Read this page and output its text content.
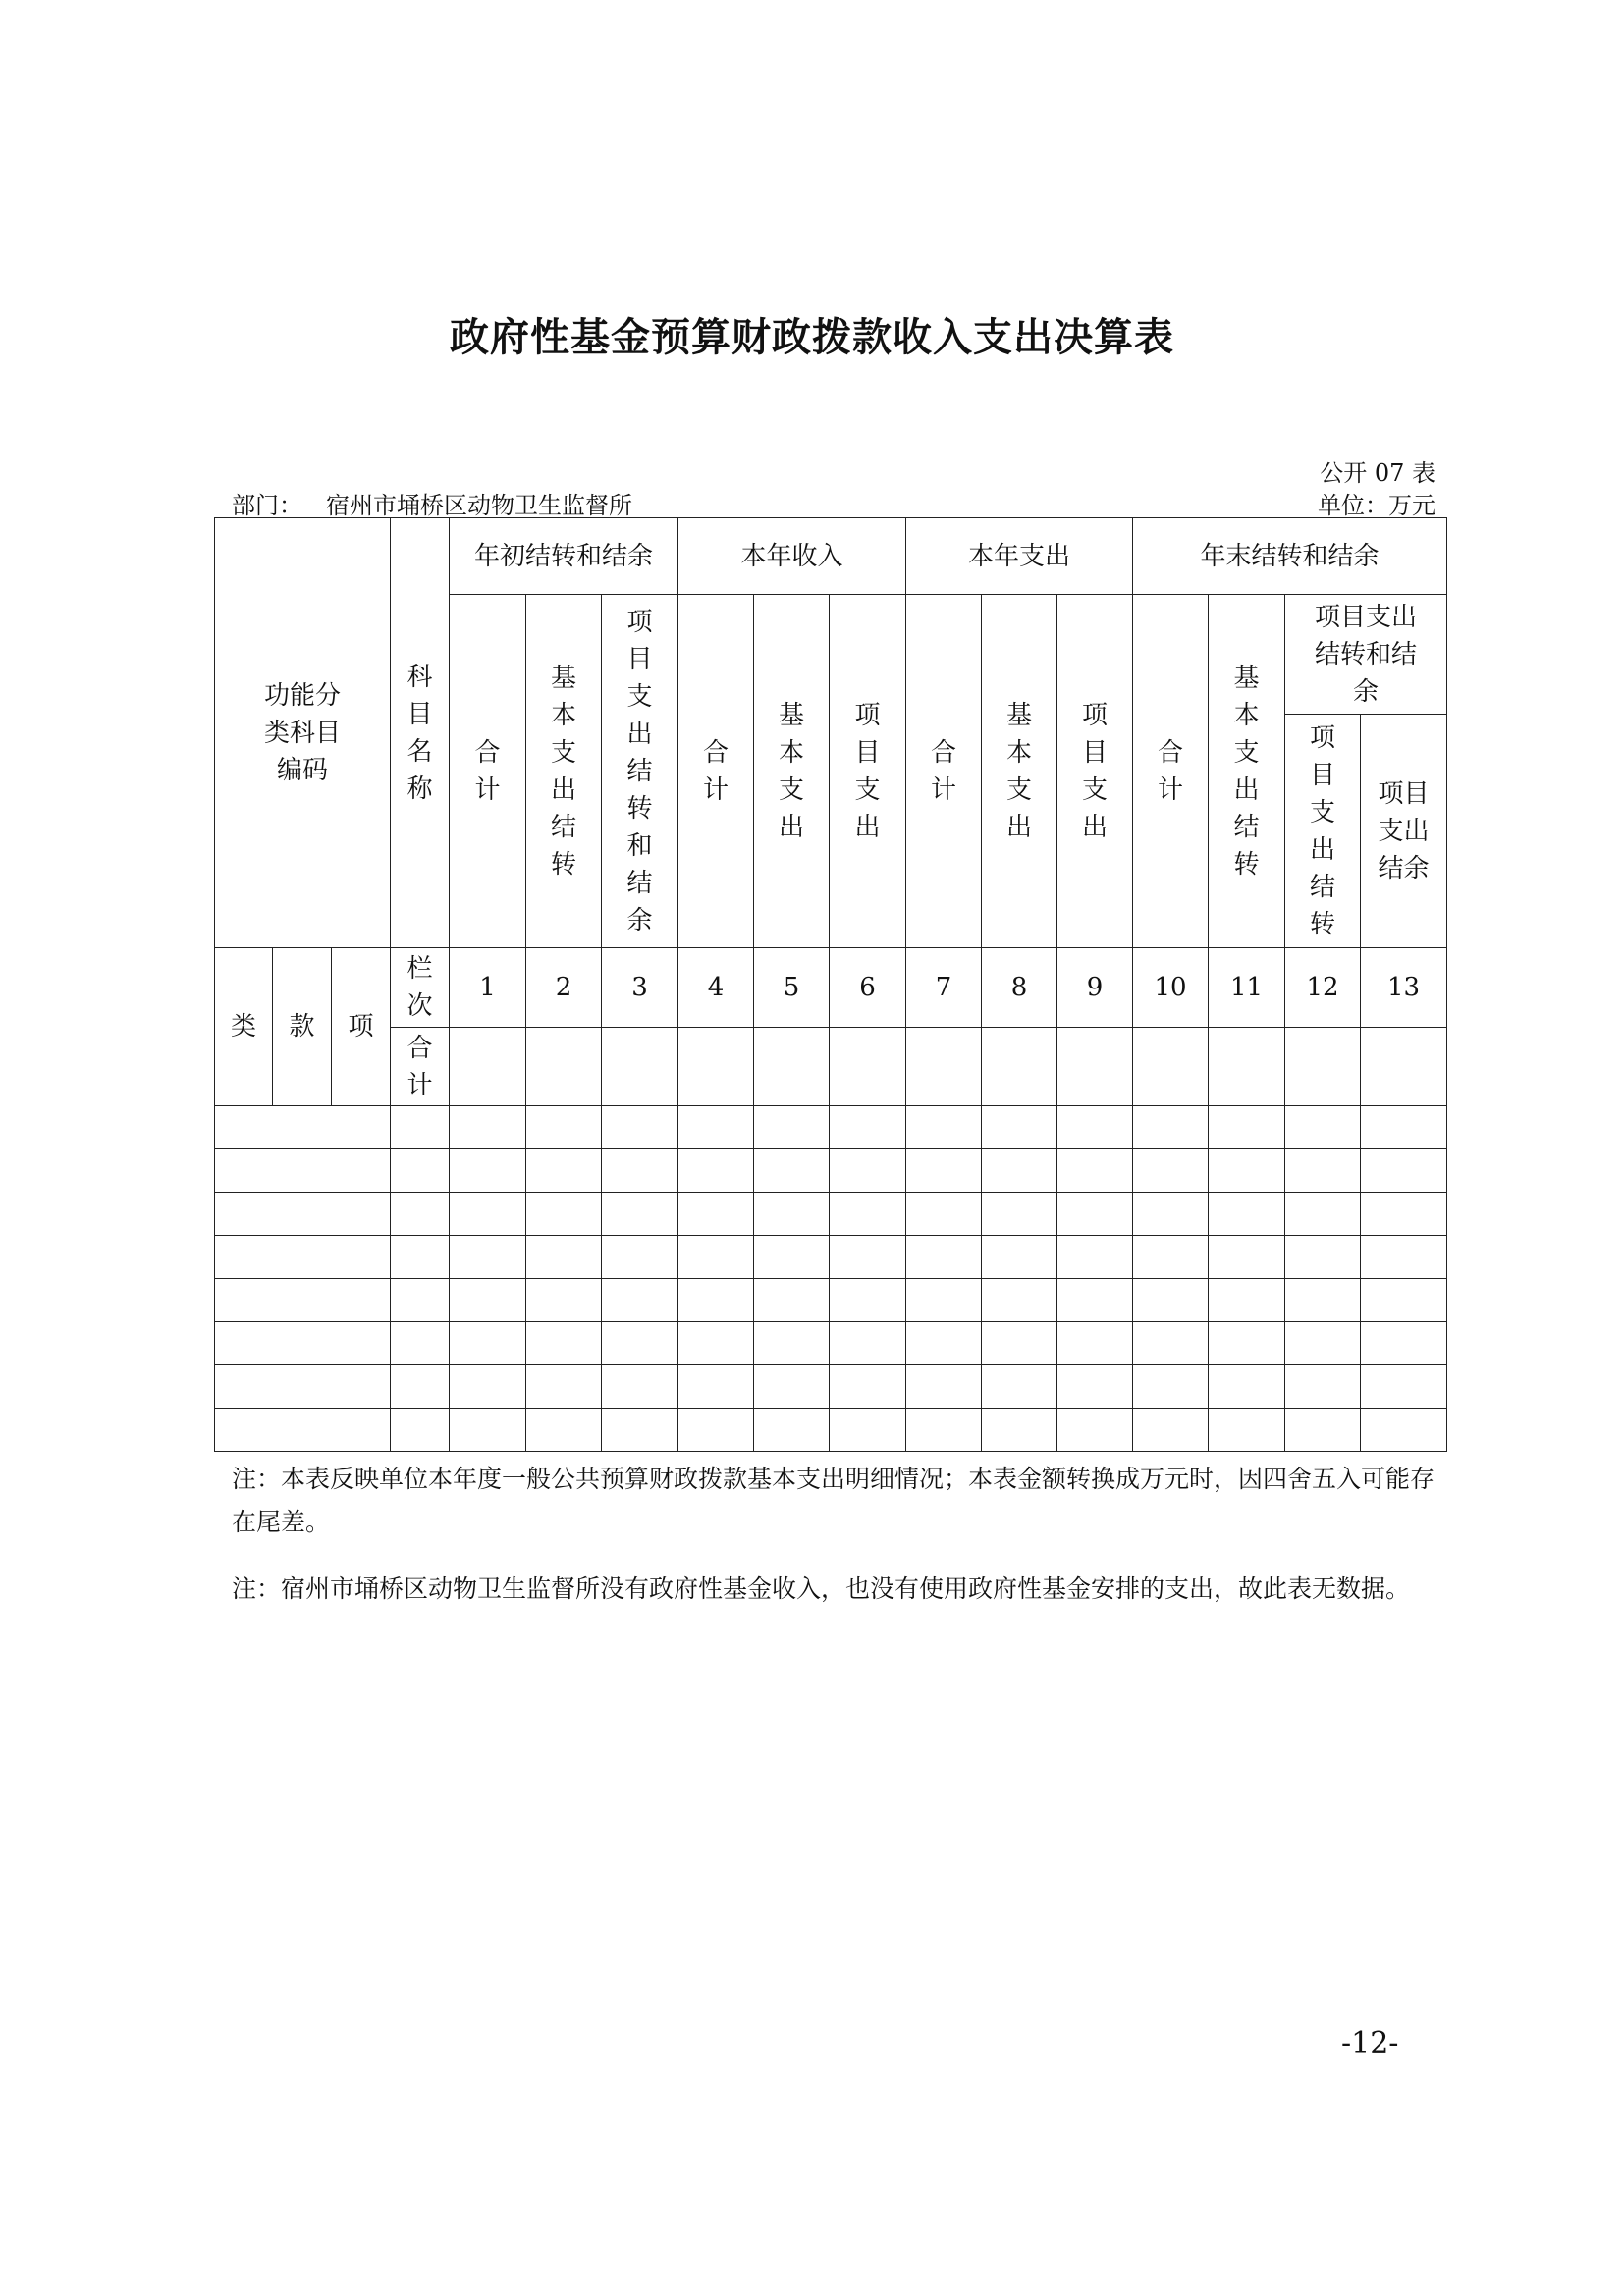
政府性基金预算财政拨款收入支出决算表
公开 07 表
部门： 宿州市埇桥区动物卫生监督所	单位：万元
功能分类科目编码			科目名称	年初结转和结余			本年收入			本年支出			年末结转和结余			
				合计	基本支出结转	项目支出结转和结余	合计	基本支出	项目支出	合计	基本支出	项目支出	合计	基本支出结转	项目支出结转和结余	
															项目支出结转	项目支出结余
类	款	项	栏次	1	2	3	4	5	6	7	8	9	10	11	12	13
			合计													

注：本表反映单位本年度一般公共预算财政拨款基本支出明细情况；本表金额转换成万元时，因四舍五入可能存在尾差。

注：宿州市埇桥区动物卫生监督所没有政府性基金收入，也没有使用政府性基金安排的支出，故此表无数据。

-12-
